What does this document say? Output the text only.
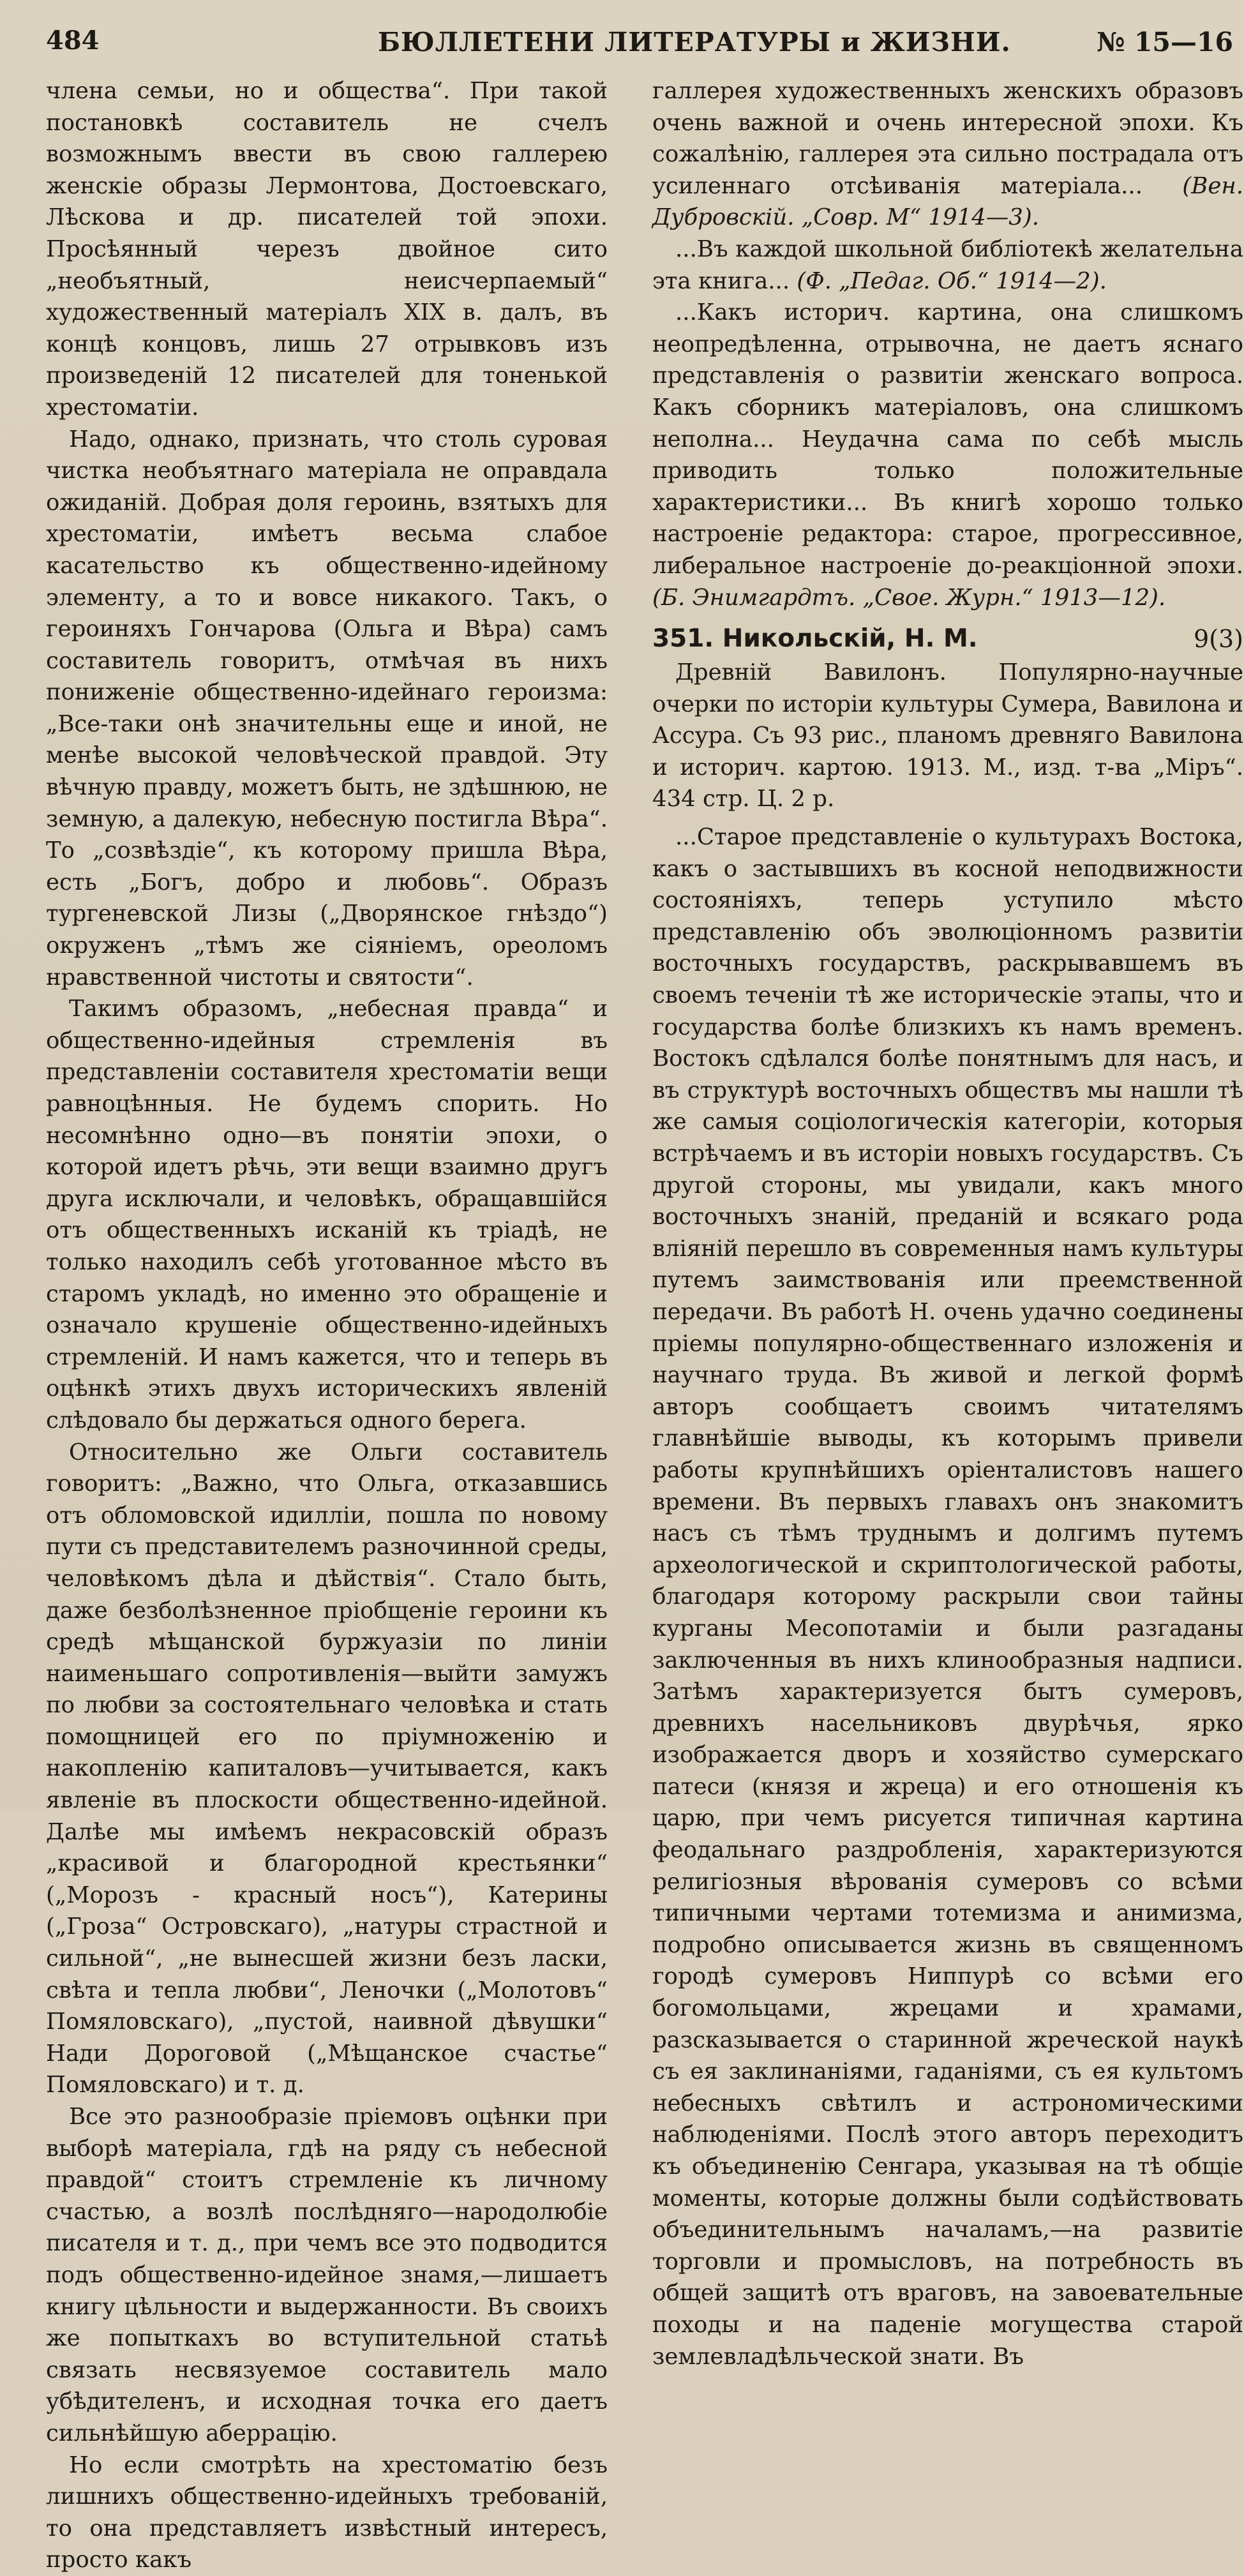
484	БЮЛЛЕТЕНИ ЛИТЕРАТУРЫ и ЖИЗНИ.	№ 15—16

члена семьи, но и общества“. При такой постановкѣ составитель не счелъ возможнымъ ввести въ свою галлерею женскіе образы Лермонтова, Достоевскаго, Лѣскова и др. писателей той эпохи. Просѣянный черезъ двойное сито „необъятный, неисчерпаемый“ художественный матеріалъ XIX в. далъ, въ концѣ концовъ, лишь 27 отрывковъ изъ произведеній 12 писателей для тоненькой хрестоматіи.

Надо, однако, признать, что столь суровая чистка необъятнаго матеріала не оправдала ожиданій. Добрая доля героинь, взятыхъ для хрестоматіи, имѣетъ весьма слабое касательство къ общественно-идейному элементу, а то и вовсе никакого. Такъ, о героиняхъ Гончарова (Ольга и Вѣра) самъ составитель говоритъ, отмѣчая въ нихъ пониженіе общественно-идейнаго героизма: „Все-таки онѣ значительны еще и иной, не менѣе высокой человѣческой правдой. Эту вѣчную правду, можетъ быть, не здѣшнюю, не земную, а далекую, небесную постигла Вѣра“. То „созвѣздіе“, къ которому пришла Вѣра, есть „Богъ, добро и любовь“. Образъ тургеневской Лизы („Дворянское гнѣздо“) окруженъ „тѣмъ же сіяніемъ, ореоломъ нравственной чистоты и святости“.

Такимъ образомъ, „небесная правда“ и общественно-идейныя стремленія въ представленіи составителя хрестоматіи вещи равноцѣнныя. Не будемъ спорить. Но несомнѣнно одно—въ понятіи эпохи, о которой идетъ рѣчь, эти вещи взаимно другъ друга исключали, и человѣкъ, обращавшійся отъ общественныхъ исканій къ тріадѣ, не только находилъ себѣ уготованное мѣсто въ старомъ укладѣ, но именно это обращеніе и означало крушеніе общественно-идейныхъ стремленій. И намъ кажется, что и теперь въ оцѣнкѣ этихъ двухъ историческихъ явленій слѣдовало бы держаться одного берега.

Относительно же Ольги составитель говоритъ: „Важно, что Ольга, отказавшись отъ обломовской идилліи, пошла по новому пути съ представителемъ разночинной среды, человѣкомъ дѣла и дѣйствія“. Стало быть, даже безболѣзненное пріобщеніе героини къ средѣ мѣщанской буржуазіи по линіи наименьшаго сопротивленія—выйти замужъ по любви за состоятельнаго человѣка и стать помощницей его по пріумноженію и накопленію капиталовъ—учитывается, какъ явленіе въ плоскости общественно-идейной. Далѣе мы имѣемъ некрасовскій образъ „красивой и благородной крестьянки“ („Морозъ - красный носъ“), Катерины („Гроза“ Островскаго), „натуры страстной и сильной“, „не вынесшей жизни безъ ласки, свѣта и тепла любви“, Леночки („Молотовъ“ Помяловскаго), „пустой, наивной дѣвушки“ Нади Дороговой („Мѣщанское счастье“ Помяловскаго) и т. д.

Все это разнообразіе пріемовъ оцѣнки при выборѣ матеріала, гдѣ на ряду съ небесной правдой“ стоитъ стремленіе къ личному счастью, а возлѣ послѣдняго—народолюбіе писателя и т. д., при чемъ все это подводится подъ общественно-идейное знамя,—лишаетъ книгу цѣльности и выдержанности. Въ своихъ же попыткахъ во вступительной статьѣ связать несвязуемое составитель мало убѣдителенъ, и исходная точка его даетъ сильнѣйшую аберрацію.

Но если смотрѣть на хрестоматію безъ лишнихъ общественно-идейныхъ требованій, то она представляетъ извѣстный интересъ, просто какъ

галлерея художественныхъ женскихъ образовъ очень важной и очень интересной эпохи. Къ сожалѣнію, галлерея эта сильно пострадала отъ усиленнаго отсѣиванія матеріала... (Вен. Дубровскій. „Совр. М“ 1914—3).

...Въ каждой школьной библіотекѣ желательна эта книга... (Ф. „Педаг. Об.“ 1914—2).

...Какъ историч. картина, она слишкомъ неопредѣленна, отрывочна, не даетъ яснаго представленія о развитіи женскаго вопроса. Какъ сборникъ матеріаловъ, она слишкомъ неполна... Неудачна сама по себѣ мысль приводить только положительные характеристики... Въ книгѣ хорошо только настроеніе редактора: старое, прогрессивное, либеральное настроеніе до-реакціонной эпохи. (Б. Энимгардтъ. „Свое. Журн.“ 1913—12).

351. Никольскій, Н. М.	9(3)

Древній Вавилонъ. Популярно-научные очерки по исторіи культуры Сумера, Вавилона и Ассура. Съ 93 рис., планомъ древняго Вавилона и историч. картою. 1913. М., изд. т-ва „Міръ“. 434 стр. Ц. 2 р.

...Старое представленіе о культурахъ Востока, какъ о застывшихъ въ косной неподвижности состояніяхъ, теперь уступило мѣсто представленію объ эволюціонномъ развитіи восточныхъ государствъ, раскрывавшемъ въ своемъ теченіи тѣ же историческіе этапы, что и государства болѣе близкихъ къ намъ временъ. Востокъ сдѣлался болѣе понятнымъ для насъ, и въ структурѣ восточныхъ обществъ мы нашли тѣ же самыя соціологическія категоріи, которыя встрѣчаемъ и въ исторіи новыхъ государствъ. Съ другой стороны, мы увидали, какъ много восточныхъ знаній, преданій и всякаго рода вліяній перешло въ современныя намъ культуры путемъ заимствованія или преемственной передачи. Въ работѣ Н. очень удачно соединены пріемы популярно-общественнаго изложенія и научнаго труда. Въ живой и легкой формѣ авторъ сообщаетъ своимъ читателямъ главнѣйшіе выводы, къ которымъ привели работы крупнѣйшихъ оріенталистовъ нашего времени. Въ первыхъ главахъ онъ знакомитъ насъ съ тѣмъ труднымъ и долгимъ путемъ археологической и скриптологической работы, благодаря которому раскрыли свои тайны курганы Месопотаміи и были разгаданы заключенныя въ нихъ клинообразныя надписи. Затѣмъ характеризуется бытъ сумеровъ, древнихъ насельниковъ двурѣчья, ярко изображается дворъ и хозяйство сумерскаго патеси (князя и жреца) и его отношенія къ царю, при чемъ рисуется типичная картина феодальнаго раздробленія, характеризуются религіозныя вѣрованія сумеровъ со всѣми типичными чертами тотемизма и анимизма, подробно описывается жизнь въ священномъ городѣ сумеровъ Ниппурѣ со всѣми его богомольцами, жрецами и храмами, разсказывается о старинной жреческой наукѣ съ ея заклинаніями, гаданіями, съ ея культомъ небесныхъ свѣтилъ и астрономическими наблюденіями. Послѣ этого авторъ переходитъ къ объединенію Сенгара, указывая на тѣ общіе моменты, которые должны были содѣйствовать объединительнымъ началамъ,—на развитіе торговли и промысловъ, на потребность въ общей защитѣ отъ враговъ, на завоевательные походы и на паденіе могущества старой землевладѣльческой знати. Въ
